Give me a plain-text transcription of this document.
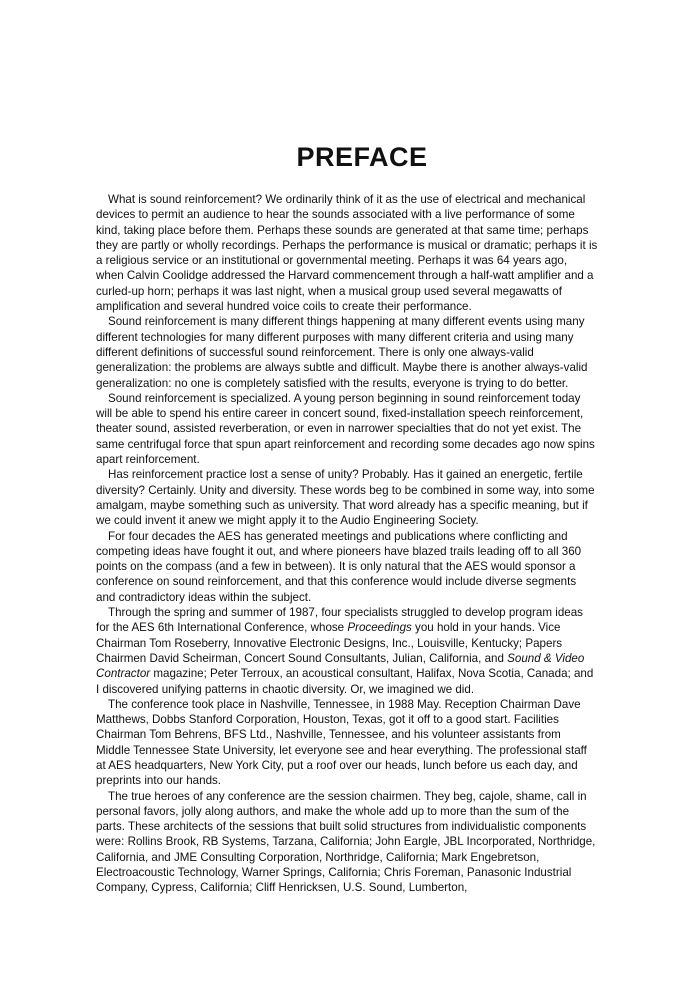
PREFACE

What is sound reinforcement? We ordinarily think of it as the use of electrical and mechanical devices to permit an audience to hear the sounds associated with a live performance of some kind, taking place before them. Perhaps these sounds are generated at that same time; perhaps they are partly or wholly recordings. Perhaps the performance is musical or dramatic; perhaps it is a religious service or an institutional or governmental meeting. Perhaps it was 64 years ago, when Calvin Coolidge addressed the Harvard commencement through a half-watt amplifier and a curled-up horn; perhaps it was last night, when a musical group used several megawatts of amplification and several hundred voice coils to create their performance.

Sound reinforcement is many different things happening at many different events using many different technologies for many different purposes with many different criteria and using many different definitions of successful sound reinforcement. There is only one always-valid generalization: the problems are always subtle and difficult. Maybe there is another always-valid generalization: no one is completely satisfied with the results, everyone is trying to do better.

Sound reinforcement is specialized. A young person beginning in sound reinforcement today will be able to spend his entire career in concert sound, fixed-installation speech reinforcement, theater sound, assisted reverberation, or even in narrower specialties that do not yet exist. The same centrifugal force that spun apart reinforcement and recording some decades ago now spins apart reinforcement.

Has reinforcement practice lost a sense of unity? Probably. Has it gained an energetic, fertile diversity? Certainly. Unity and diversity. These words beg to be combined in some way, into some amalgam, maybe something such as university. That word already has a specific meaning, but if we could invent it anew we might apply it to the Audio Engineering Society.

For four decades the AES has generated meetings and publications where conflicting and competing ideas have fought it out, and where pioneers have blazed trails leading off to all 360 points on the compass (and a few in between). It is only natural that the AES would sponsor a conference on sound reinforcement, and that this conference would include diverse segments and contradictory ideas within the subject.

Through the spring and summer of 1987, four specialists struggled to develop program ideas for the AES 6th International Conference, whose Proceedings you hold in your hands. Vice Chairman Tom Roseberry, Innovative Electronic Designs, Inc., Louisville, Kentucky; Papers Chairmen David Scheirman, Concert Sound Consultants, Julian, California, and Sound & Video Contractor magazine; Peter Terroux, an acoustical consultant, Halifax, Nova Scotia, Canada; and I discovered unifying patterns in chaotic diversity. Or, we imagined we did.

The conference took place in Nashville, Tennessee, in 1988 May. Reception Chairman Dave Matthews, Dobbs Stanford Corporation, Houston, Texas, got it off to a good start. Facilities Chairman Tom Behrens, BFS Ltd., Nashville, Tennessee, and his volunteer assistants from Middle Tennessee State University, let everyone see and hear everything. The professional staff at AES headquarters, New York City, put a roof over our heads, lunch before us each day, and preprints into our hands.

The true heroes of any conference are the session chairmen. They beg, cajole, shame, call in personal favors, jolly along authors, and make the whole add up to more than the sum of the parts. These architects of the sessions that built solid structures from individualistic components were: Rollins Brook, RB Systems, Tarzana, California; John Eargle, JBL Incorporated, Northridge, California, and JME Consulting Corporation, Northridge, California; Mark Engebretson, Electroacoustic Technology, Warner Springs, California; Chris Foreman, Panasonic Industrial Company, Cypress, California; Cliff Henricksen, U.S. Sound, Lumberton,
